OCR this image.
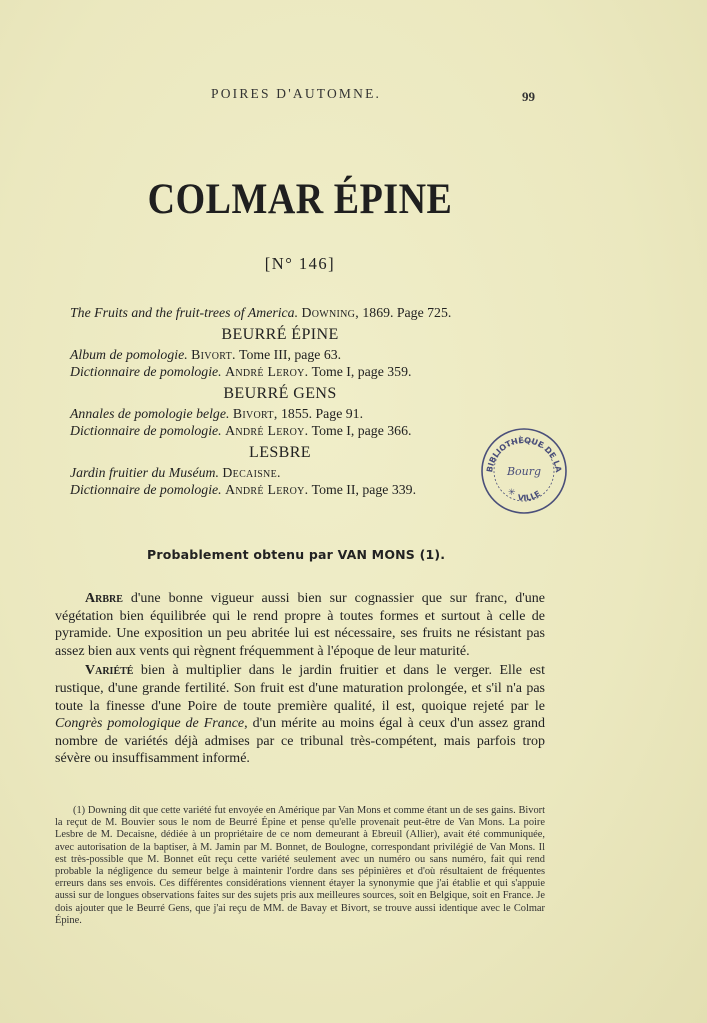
POIRES D'AUTOMNE.	99
COLMAR ÉPINE
[N° 146]
The Fruits and the fruit-trees of America. Downing, 1869. Page 725.
BEURRÉ ÉPINE
Album de pomologie. Bivort. Tome III, page 63.
Dictionnaire de pomologie. André Leroy. Tome I, page 359.
BEURRÉ GENS
Annales de pomologie belge. Bivort, 1855. Page 91.
Dictionnaire de pomologie. André Leroy. Tome I, page 366.
LESBRE
Jardin fruitier du Muséum. Decaisne.
Dictionnaire de pomologie. André Leroy. Tome II, page 339.
BIBLIOTHÈQUE DE LA
Bourg
VILLE
✳
Probablement obtenu par VAN MONS (1).

Arbre d'une bonne vigueur aussi bien sur cognassier que sur franc, d'une végétation bien équilibrée qui le rend propre à toutes formes et surtout à celle de pyramide. Une exposition un peu abritée lui est nécessaire, ses fruits ne résistant pas assez bien aux vents qui règnent fréquemment à l'époque de leur maturité.

Variété bien à multiplier dans le jardin fruitier et dans le verger. Elle est rustique, d'une grande fertilité. Son fruit est d'une maturation prolongée, et s'il n'a pas toute la finesse d'une Poire de toute première qualité, il est, quoique rejeté par le Congrès pomologique de France, d'un mérite au moins égal à ceux d'un assez grand nombre de variétés déjà admises par ce tribunal très-compétent, mais parfois trop sévère ou insuffisamment informé.

(1) Downing dit que cette variété fut envoyée en Amérique par Van Mons et comme étant un de ses gains. Bivort la reçut de M. Bouvier sous le nom de Beurré Épine et pense qu'elle provenait peut-être de Van Mons. La poire Lesbre de M. Decaisne, dédiée à un propriétaire de ce nom demeurant à Ebreuil (Allier), avait été communiquée, avec autorisation de la baptiser, à M. Jamin par M. Bonnet, de Boulogne, correspondant privilégié de Van Mons. Il est très-possible que M. Bonnet eût reçu cette variété seulement avec un numéro ou sans numéro, fait qui rend probable la négligence du semeur belge à maintenir l'ordre dans ses pépinières et d'où résultaient de fréquentes erreurs dans ses envois. Ces différentes considérations viennent étayer la synonymie que j'ai établie et qui s'appuie aussi sur de longues observations faites sur des sujets pris aux meilleures sources, soit en Belgique, soit en France. Je dois ajouter que le Beurré Gens, que j'ai reçu de MM. de Bavay et Bivort, se trouve aussi identique avec le Colmar Épine.
